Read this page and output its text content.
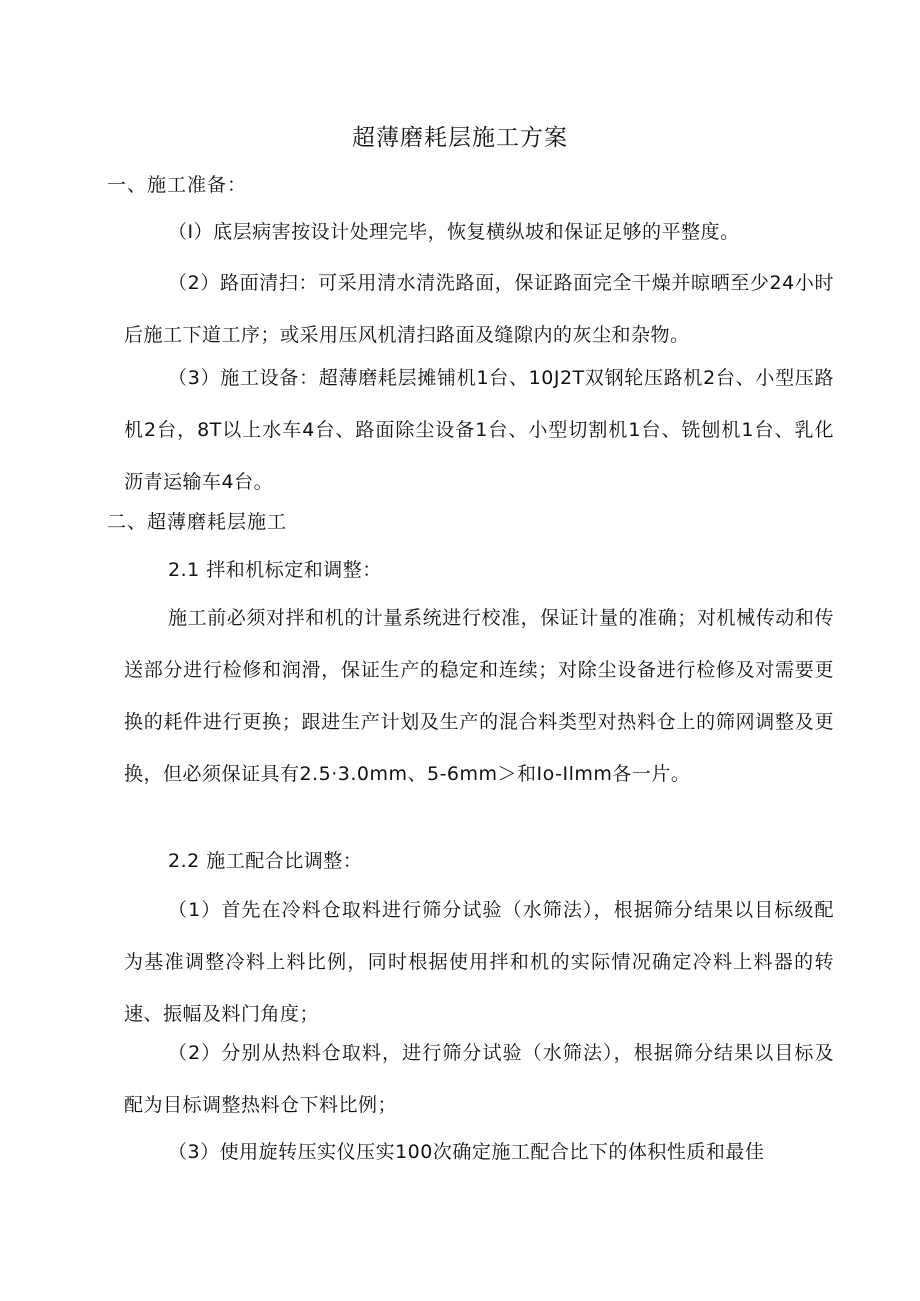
超薄磨耗层施工方案
一、施工准备：
（I）底层病害按设计处理完毕，恢复横纵坡和保证足够的平整度。
（2）路面清扫：可采用清水清洗路面，保证路面完全干燥并晾晒至少24小时后施工下道工序；或采用压风机清扫路面及缝隙内的灰尘和杂物。
（3）施工设备：超薄磨耗层摊铺机1台、10J2T双钢轮压路机2台、小型压路机2台，8T以上水车4台、路面除尘设备1台、小型切割机1台、铣刨机1台、乳化沥青运输车4台。
二、超薄磨耗层施工
2.1 拌和机标定和调整：
施工前必须对拌和机的计量系统进行校准，保证计量的准确；对机械传动和传送部分进行检修和润滑，保证生产的稳定和连续；对除尘设备进行检修及对需要更换的耗件进行更换；跟进生产计划及生产的混合料类型对热料仓上的筛网调整及更换，但必须保证具有2.5·3.0mm、5-6mm＞和Io-Ilmm各一片。
2.2 施工配合比调整：
（1）首先在冷料仓取料进行筛分试验（水筛法），根据筛分结果以目标级配为基准调整冷料上料比例，同时根据使用拌和机的实际情况确定冷料上料器的转速、振幅及料门角度；
（2）分别从热料仓取料，进行筛分试验（水筛法），根据筛分结果以目标及配为目标调整热料仓下料比例；
（3）使用旋转压实仪压实100次确定施工配合比下的体积性质和最佳
